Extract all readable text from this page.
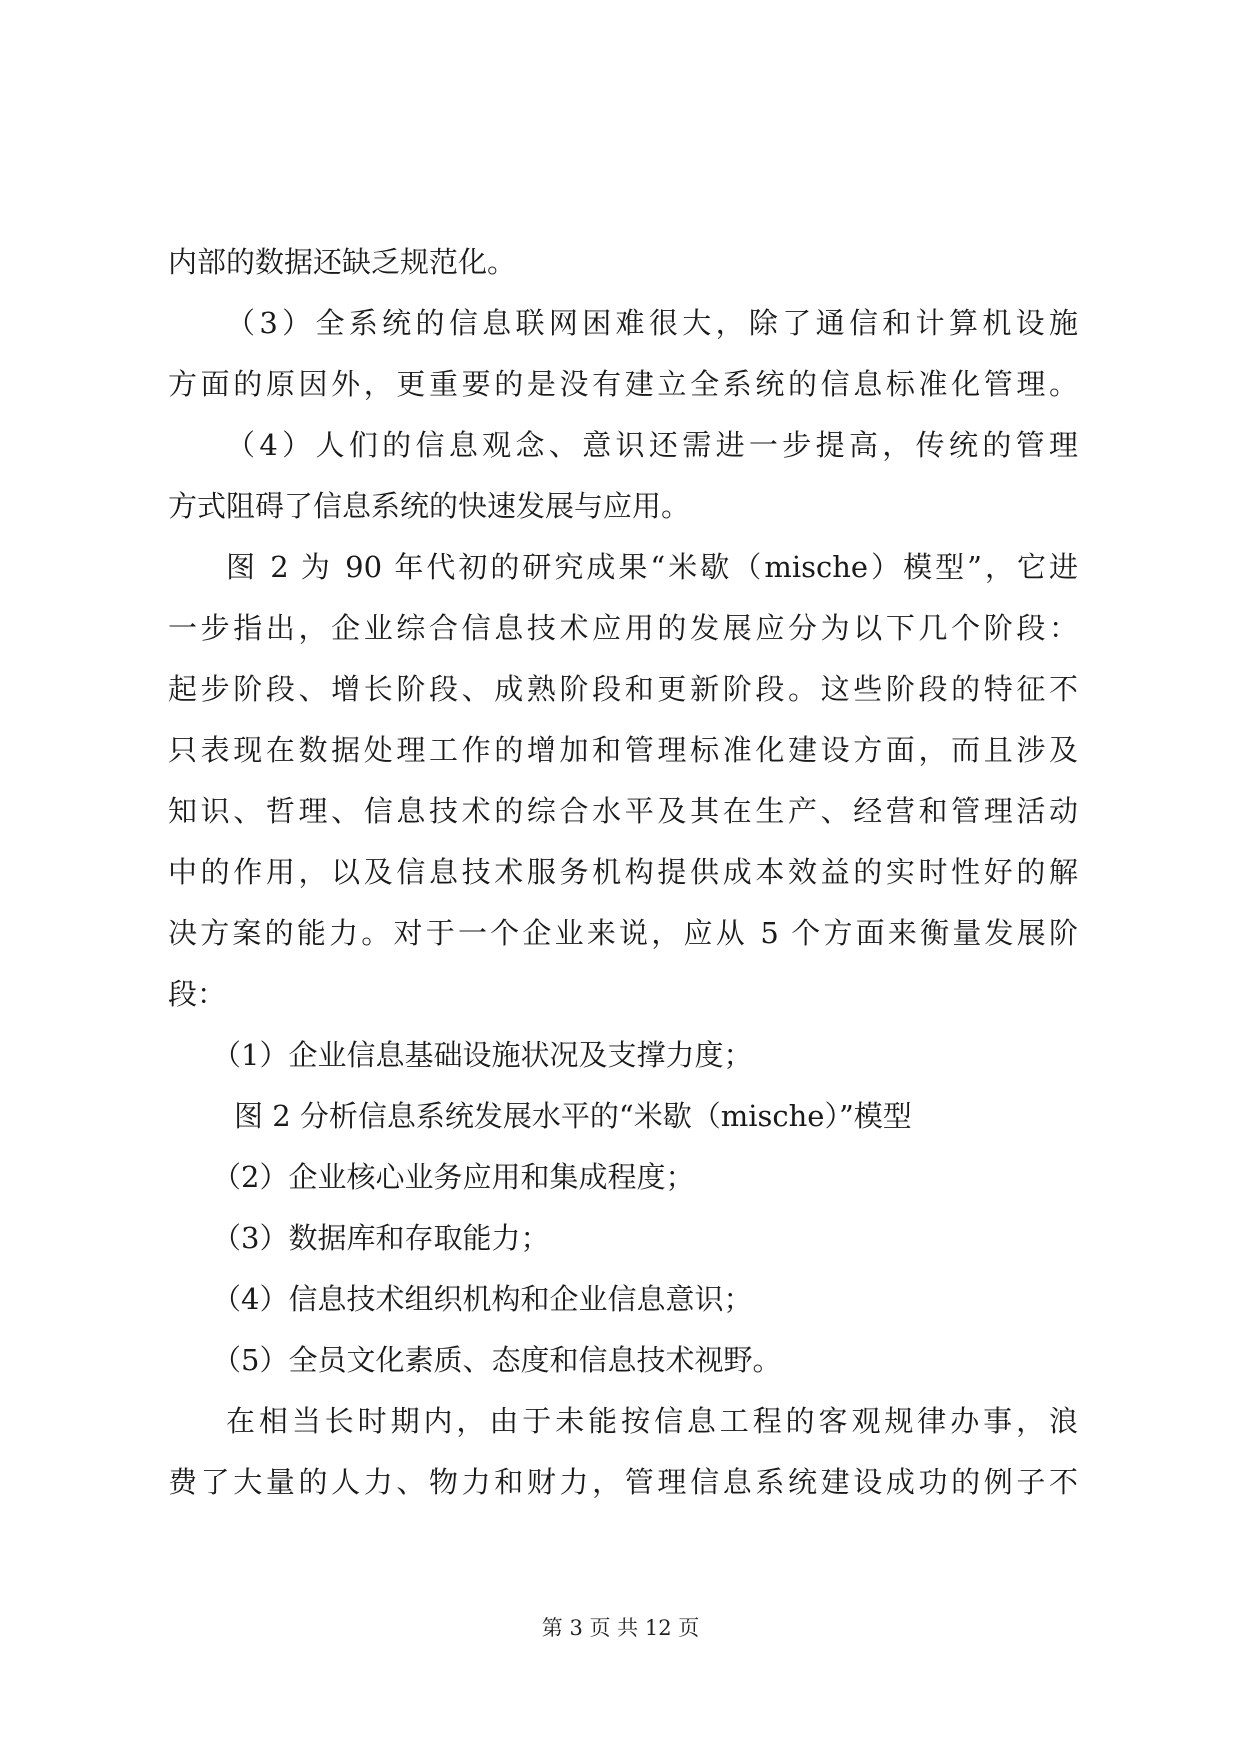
内部的数据还缺乏规范化。
（3）全系统的信息联网困难很大，除了通信和计算机设施
方面的原因外，更重要的是没有建立全系统的信息标准化管理。
（4）人们的信息观念、意识还需进一步提高，传统的管理
方式阻碍了信息系统的快速发展与应用。
图 2 为 90 年代初的研究成果“米歇（mische）模型”，它进
一步指出，企业综合信息技术应用的发展应分为以下几个阶段：
起步阶段、增长阶段、成熟阶段和更新阶段。这些阶段的特征不
只表现在数据处理工作的增加和管理标准化建设方面，而且涉及
知识、哲理、信息技术的综合水平及其在生产、经营和管理活动
中的作用，以及信息技术服务机构提供成本效益的实时性好的解
决方案的能力。对于一个企业来说，应从 5 个方面来衡量发展阶
段：
（1）企业信息基础设施状况及支撑力度；
图 2 分析信息系统发展水平的“米歇（mische）”模型
（2）企业核心业务应用和集成程度；
（3）数据库和存取能力；
（4）信息技术组织机构和企业信息意识；
（5）全员文化素质、态度和信息技术视野。
在相当长时期内，由于未能按信息工程的客观规律办事，浪
费了大量的人力、物力和财力，管理信息系统建设成功的例子不
第 3 页 共 12 页
